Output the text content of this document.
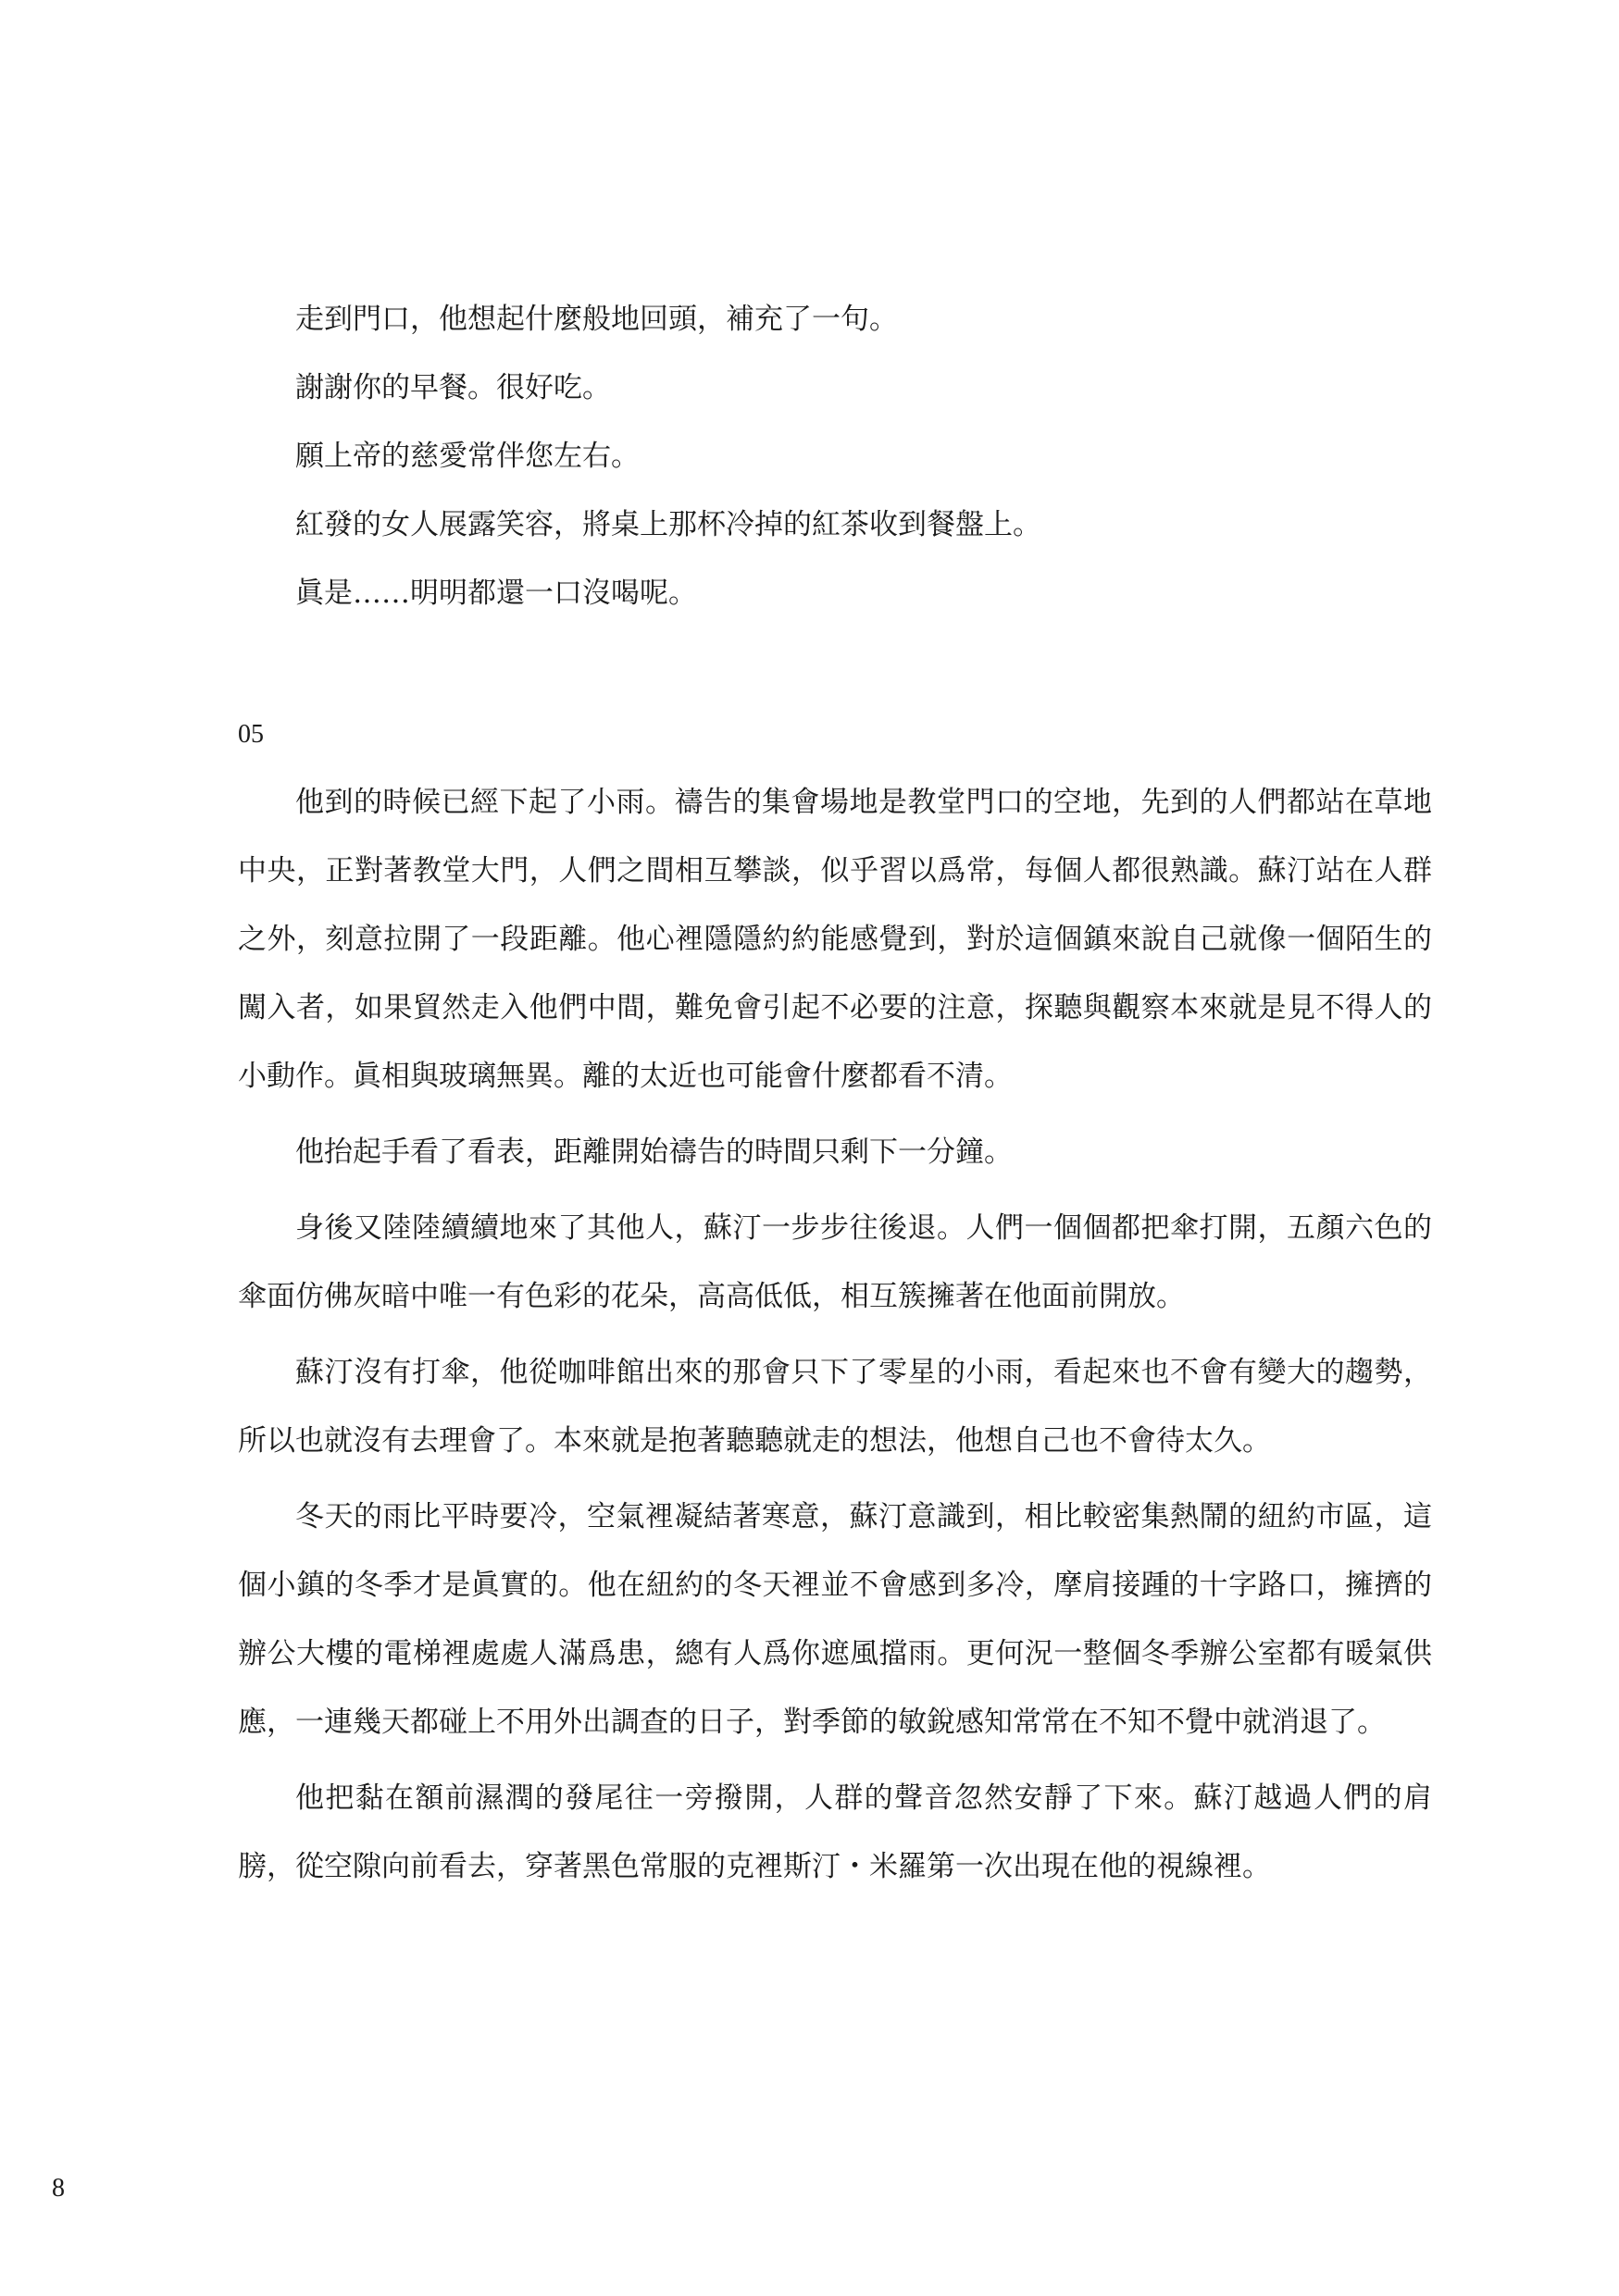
走到門口，他想起什麼般地回頭，補充了一句。

謝謝你的早餐。很好吃。

願上帝的慈愛常伴您左右。

紅發的女人展露笑容，將桌上那杯冷掉的紅茶收到餐盤上。

眞是……明明都還一口沒喝呢。

05

他到的時候已經下起了小雨。禱告的集會場地是教堂門口的空地，先到的人們都站在草地中央，正對著教堂大門，人們之間相互攀談，似乎習以爲常，每個人都很熟識。蘇汀站在人群之外，刻意拉開了一段距離。他心裡隱隱約約能感覺到，對於這個鎮來說自己就像一個陌生的闖入者，如果貿然走入他們中間，難免會引起不必要的注意，探聽與觀察本來就是見不得人的小動作。眞相與玻璃無異。離的太近也可能會什麼都看不清。

他抬起手看了看表，距離開始禱告的時間只剩下一分鐘。

身後又陸陸續續地來了其他人，蘇汀一步步往後退。人們一個個都把傘打開，五顏六色的傘面仿佛灰暗中唯一有色彩的花朵，高高低低，相互簇擁著在他面前開放。

蘇汀沒有打傘，他從咖啡館出來的那會只下了零星的小雨，看起來也不會有變大的趨勢，所以也就沒有去理會了。本來就是抱著聽聽就走的想法，他想自己也不會待太久。

冬天的雨比平時要冷，空氣裡凝結著寒意，蘇汀意識到，相比較密集熱鬧的紐約市區，這個小鎮的冬季才是眞實的。他在紐約的冬天裡並不會感到多冷，摩肩接踵的十字路口，擁擠的辦公大樓的電梯裡處處人滿爲患，總有人爲你遮風擋雨。更何況一整個冬季辦公室都有暖氣供應，一連幾天都碰上不用外出調查的日子，對季節的敏銳感知常常在不知不覺中就消退了。

他把黏在額前濕潤的發尾往一旁撥開，人群的聲音忽然安靜了下來。蘇汀越過人們的肩膀，從空隙向前看去，穿著黑色常服的克裡斯汀・米羅第一次出現在他的視線裡。

8
